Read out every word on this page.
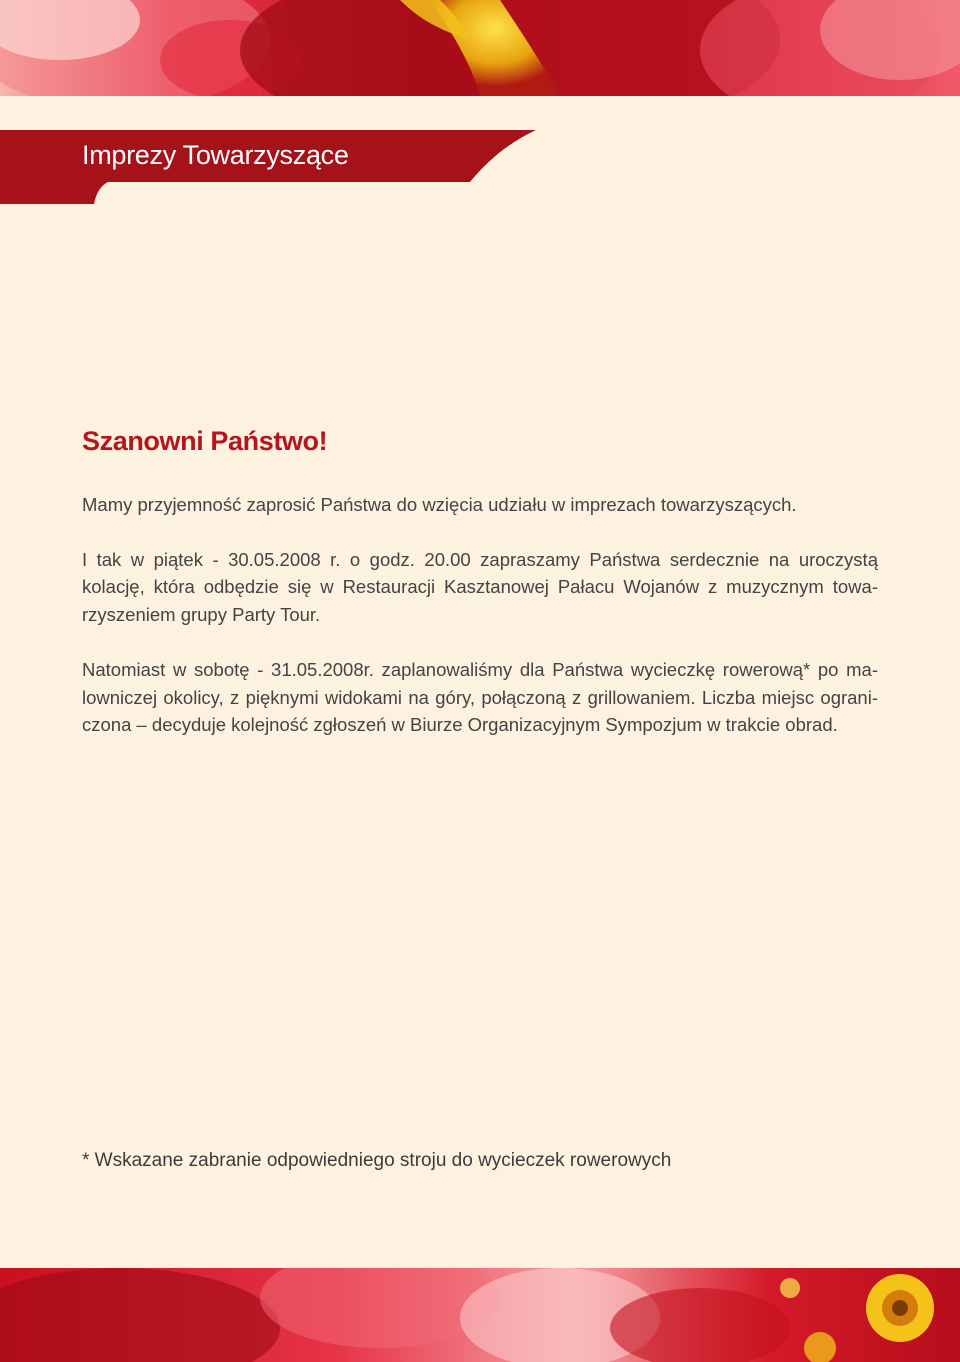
Imprezy Towarzyszące
Szanowni Państwo!

Mamy przyjemność zaprosić Państwa do wzięcia udziału w imprezach towarzyszących.

I tak w piątek - 30.05.2008 r. o godz. 20.00 zapraszamy Państwa serdecznie na uroczystą kolację, która odbędzie się w Restauracji Kasztanowej Pałacu Wojanów z muzycznym towarzyszeniem grupy Party Tour.

Natomiast w sobotę - 31.05.2008r. zaplanowaliśmy dla Państwa wycieczkę rowerową* po malowniczej okolicy, z pięknymi widokami na góry, połączoną z grillowaniem. Liczba miejsc ograniczona – decyduje kolejność zgłoszeń w Biurze Organizacyjnym Sympozjum w trakcie obrad.

* Wskazane zabranie odpowiedniego stroju do wycieczek rowerowych
